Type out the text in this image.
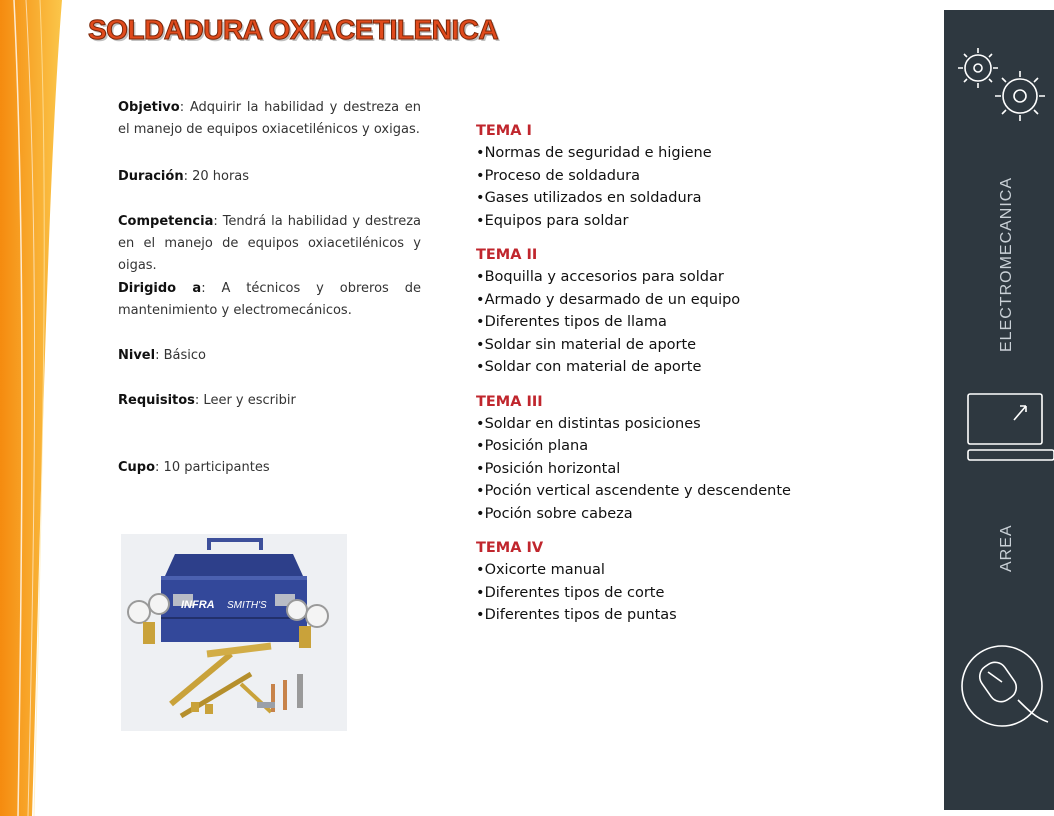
SOLDADURA OXIACETILENICA
Objetivo: Adquirir la habilidad y destreza en el manejo de equipos oxiacetilénicos y oxigas.
Duración: 20 horas
Competencia: Tendrá la habilidad y destreza en el manejo de equipos oxiacetilénicos y oigas.
Dirigido a: A técnicos y obreros de mantenimiento y electromecánicos.
Nivel: Básico
Requisitos: Leer y escribir
Cupo: 10 participantes
TEMA I
• Normas de seguridad e higiene
• Proceso de soldadura
• Gases utilizados en soldadura
• Equipos para soldar
TEMA II
• Boquilla y accesorios para soldar
• Armado y desarmado de un equipo
• Diferentes tipos de llama
• Soldar sin material de aporte
• Soldar con material de aporte
TEMA III
• Soldar en distintas posiciones
• Posición plana
• Posición horizontal
• Poción vertical ascendente y descendente
• Poción sobre cabeza
TEMA IV
• Oxicorte manual
• Diferentes tipos de corte
• Diferentes tipos de puntas
INFRA SMITH'S
ELECTROMECANICA
AREA
